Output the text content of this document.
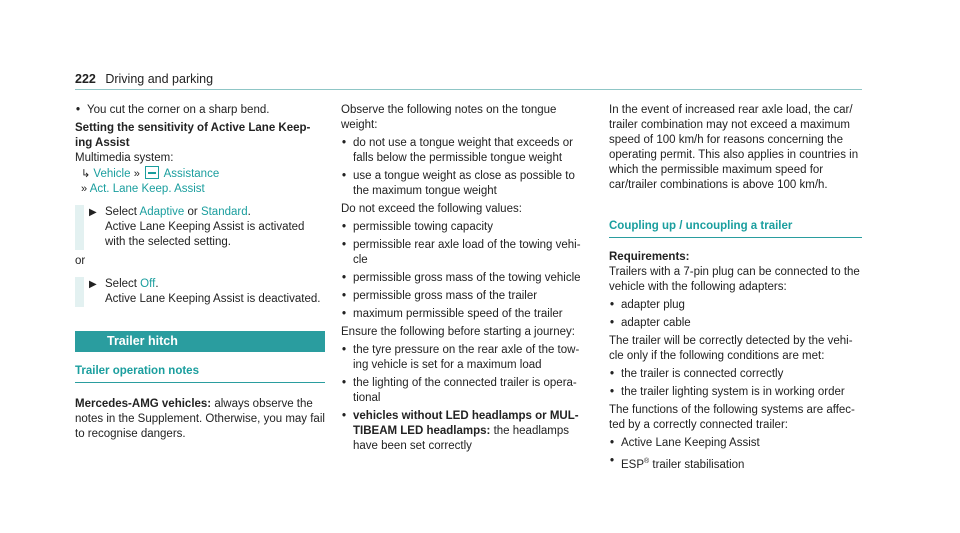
222 Driving and parking
• You cut the corner on a sharp bend.
Setting the sensitivity of Active Lane Keep-
ing Assist
Multimedia system:
↳ Vehicle » Assistance
» Act. Lane Keep. Assist
▶ Select Adaptive or Standard.
Active Lane Keeping Assist is activated with the selected setting.
or
▶ Select Off.
Active Lane Keeping Assist is deactivated.
Trailer hitch
Trailer operation notes

Mercedes-AMG vehicles: always observe the notes in the Supplement. Otherwise, you may fail to recognise dangers.

Observe the following notes on the tongue weight:

• do not use a tongue weight that exceeds or falls below the permissible tongue weight
• use a tongue weight as close as possible to the maximum tongue weight

Do not exceed the following values:

• permissible towing capacity
• permissible rear axle load of the towing vehi- cle
• permissible gross mass of the towing vehicle
• permissible gross mass of the trailer
• maximum permissible speed of the trailer

Ensure the following before starting a journey:

• the tyre pressure on the rear axle of the tow- ing vehicle is set for a maximum load
• the lighting of the connected trailer is opera- tional
• vehicles without LED headlamps or MUL- TIBEAM LED headlamps: the headlamps have been set correctly

In the event of increased rear axle load, the car/ trailer combination may not exceed a maximum speed of 100 km/h for reasons concerning the operating permit. This also applies in countries in which the permissible maximum speed for car/trailer combinations is above 100 km/h.

Coupling up / uncoupling a trailer
Requirements:

Trailers with a 7-pin plug can be connected to the vehicle with the following adapters:

• adapter plug
• adapter cable

The trailer will be correctly detected by the vehi- cle only if the following conditions are met:

• the trailer is connected correctly
• the trailer lighting system is in working order

The functions of the following systems are affec- ted by a correctly connected trailer:

• Active Lane Keeping Assist
• ESP® trailer stabilisation
